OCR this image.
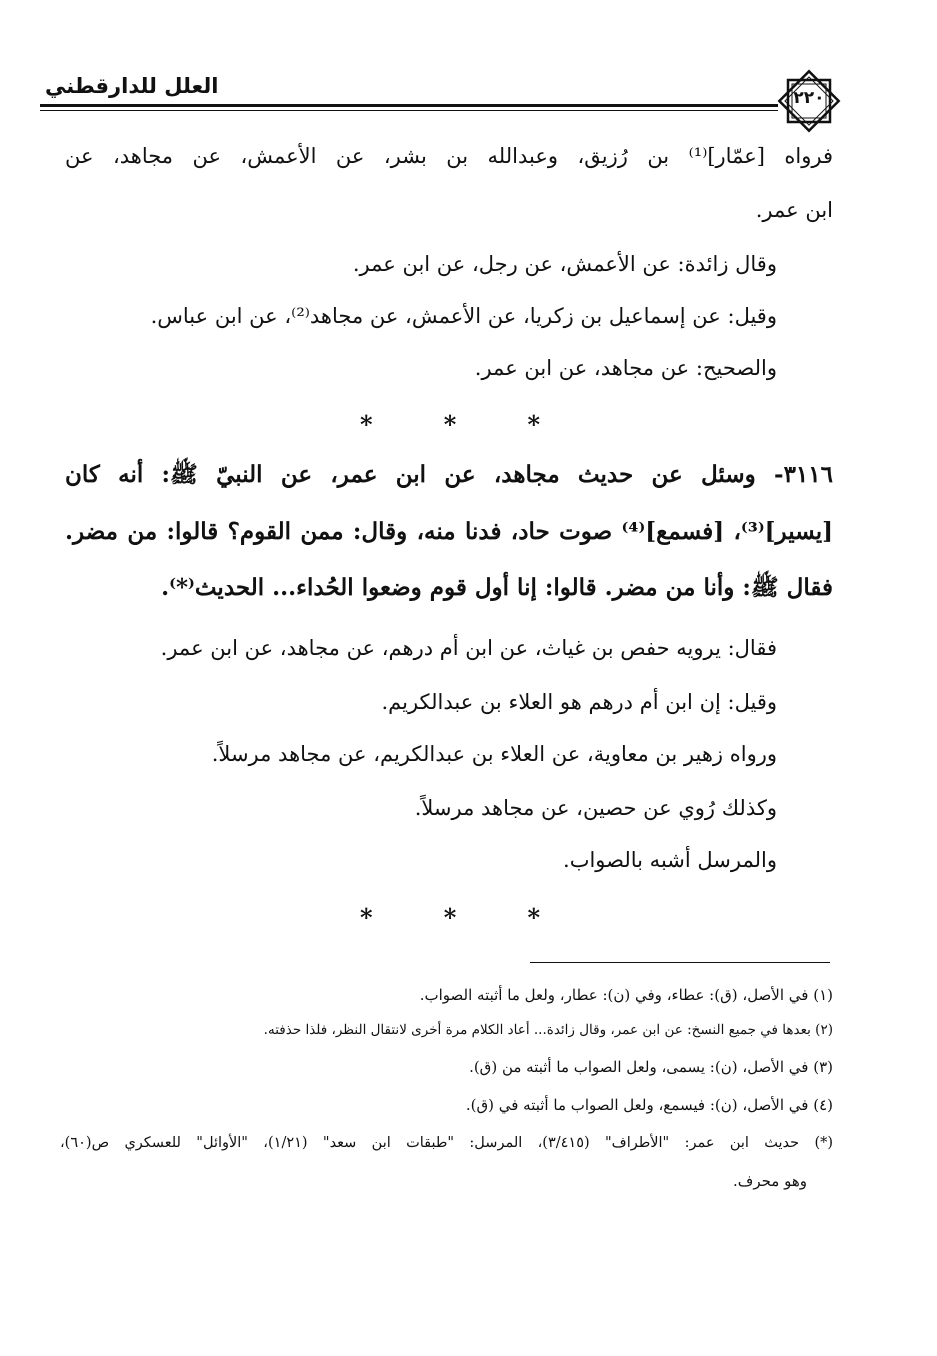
العلل للدارقطني	٢٢٠
فرواه [عمّار]⁽¹⁾ بن رُزيق، وعبدالله بن بشر، عن الأعمش، عن مجاهد، عن
ابن عمر.
وقال زائدة: عن الأعمش، عن رجل، عن ابن عمر.
وقيل: عن إسماعيل بن زكريا، عن الأعمش، عن مجاهد⁽²⁾، عن ابن عباس.
والصحيح: عن مجاهد، عن ابن عمر.
*	*	*
٣١١٦- وسئل عن حديث مجاهد، عن ابن عمر، عن النبيّ ﷺ: أنه كان
[يسير]⁽³⁾، [فسمع]⁽⁴⁾ صوت حاد، فدنا منه، وقال: ممن القوم؟ قالوا: من مضر.
فقال ﷺ: وأنا من مضر. قالوا: إنا أول قوم وضعوا الحُداء... الحديث⁽*⁾.
فقال: يرويه حفص بن غياث، عن ابن أم درهم، عن مجاهد، عن ابن عمر.
وقيل: إن ابن أم درهم هو العلاء بن عبدالكريم.
ورواه زهير بن معاوية، عن العلاء بن عبدالكريم، عن مجاهد مرسلاً.
وكذلك رُوي عن حصين، عن مجاهد مرسلاً.
والمرسل أشبه بالصواب.
*	*	*
(١) في الأصل، (ق): عطاء، وفي (ن): عطار، ولعل ما أثبته الصواب.
(٢) بعدها في جميع النسخ: عن ابن عمر، وقال زائدة... أعاد الكلام مرة أخرى لانتقال النظر، فلذا حذفته.
(٣) في الأصل، (ن): يسمى، ولعل الصواب ما أثبته من (ق).
(٤) في الأصل، (ن): فيسمع، ولعل الصواب ما أثبته في (ق).
(*) حديث ابن عمر: "الأطراف" (٣/٤١٥)، المرسل: "طبقات ابن سعد" (١/٢١)، "الأوائل" للعسكري ص(٦٠)،
وهو محرف.
